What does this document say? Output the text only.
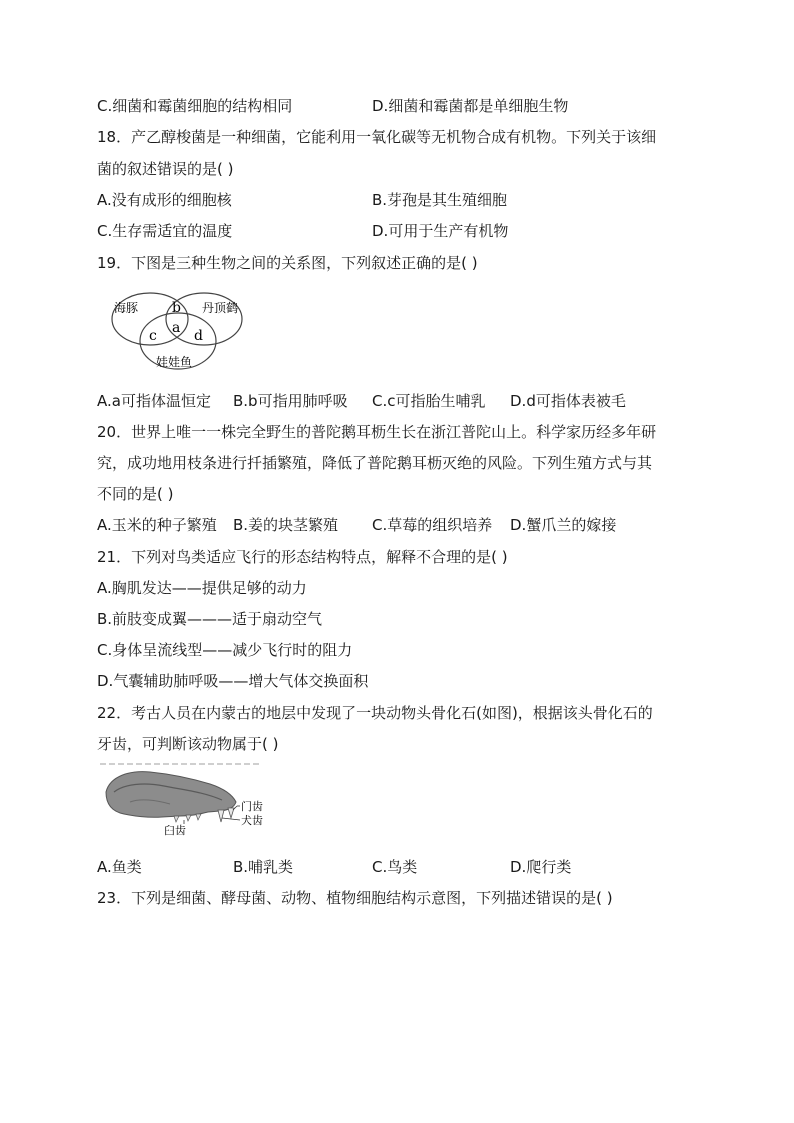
C.细菌和霉菌细胞的结构相同	D.细菌和霉菌都是单细胞生物
18．产乙醇梭菌是一种细菌，它能利用一氧化碳等无机物合成有机物。下列关于该细
菌的叙述错误的是( )
A.没有成形的细胞核	B.芽孢是其生殖细胞
C.生存需适宜的温度	D.可用于生产有机物
19．下图是三种生物之间的关系图，下列叙述正确的是( )
海豚	丹顶鹤
娃娃鱼
b
a
c	d
A.a可指体温恒定 B.b可指用肺呼吸 C.c可指胎生哺乳 D.d可指体表被毛
20．世界上唯一一株完全野生的普陀鹅耳枥生长在浙江普陀山上。科学家历经多年研
究，成功地用枝条进行扦插繁殖，降低了普陀鹅耳枥灭绝的风险。下列生殖方式与其
不同的是( )
A.玉米的种子繁殖 B.姜的块茎繁殖 C.草莓的组织培养 D.蟹爪兰的嫁接
21．下列对鸟类适应飞行的形态结构特点，解释不合理的是( )
A.胸肌发达——提供足够的动力
B.前肢变成翼———适于扇动空气
C.身体呈流线型——减少飞行时的阻力
D.气囊辅助肺呼吸——增大气体交换面积
22．考古人员在内蒙古的地层中发现了一块动物头骨化石(如图)，根据该头骨化石的
牙齿，可判断该动物属于( )
门齿
犬齿
臼齿
A.鱼类	B.哺乳类	C.鸟类	D.爬行类
23．下列是细菌、酵母菌、动物、植物细胞结构示意图，下列描述错误的是( )
